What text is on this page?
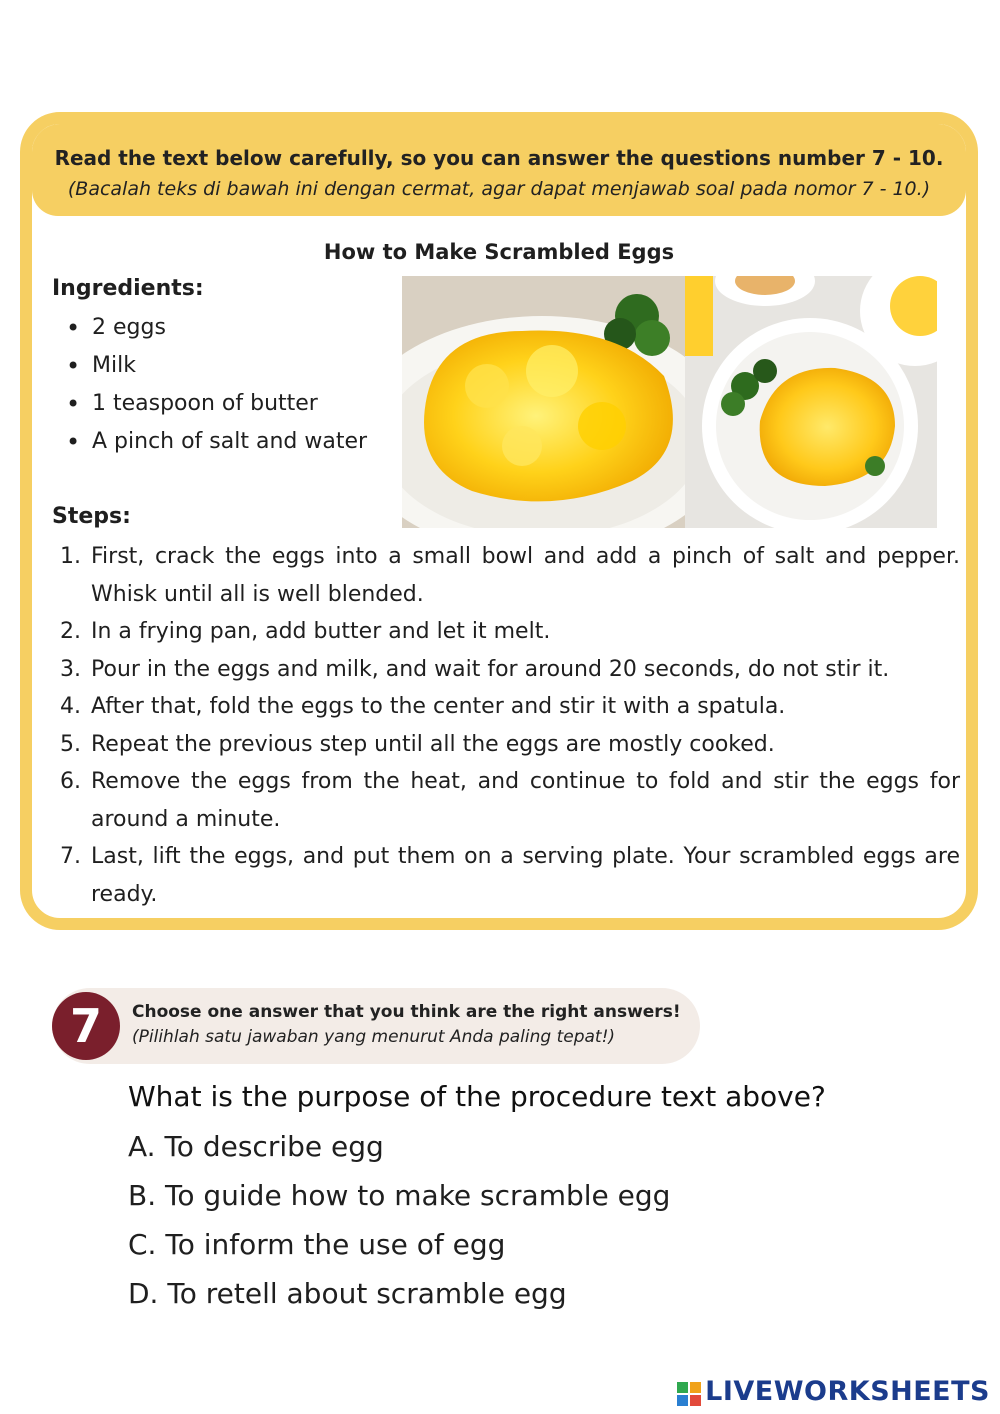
Read the text below carefully, so you can answer the questions number 7 - 10.
(Bacalah teks di bawah ini dengan cermat, agar dapat menjawab soal pada nomor 7 - 10.)
How to Make Scrambled Eggs
Ingredients:
• 2 eggs
• Milk
• 1 teaspoon of butter
• A pinch of salt and water
Steps:
1. First, crack the eggs into a small bowl and add a pinch of salt and pepper. Whisk until all is well blended.
2. In a frying pan, add butter and let it melt.
3. Pour in the eggs and milk, and wait for around 20 seconds, do not stir it.
4. After that, fold the eggs to the center and stir it with a spatula.
5. Repeat the previous step until all the eggs are mostly cooked.
6. Remove the eggs from the heat, and continue to fold and stir the eggs for around a minute.
7. Last, lift the eggs, and put them on a serving plate. Your scrambled eggs are ready.
7	Choose one answer that you think are the right answers!
(Pilihlah satu jawaban yang menurut Anda paling tepat!)
What is the purpose of the procedure text above?
A. To describe egg
B. To guide how to make scramble egg
C. To inform the use of egg
D. To retell about scramble egg
LIVEWORKSHEETS
